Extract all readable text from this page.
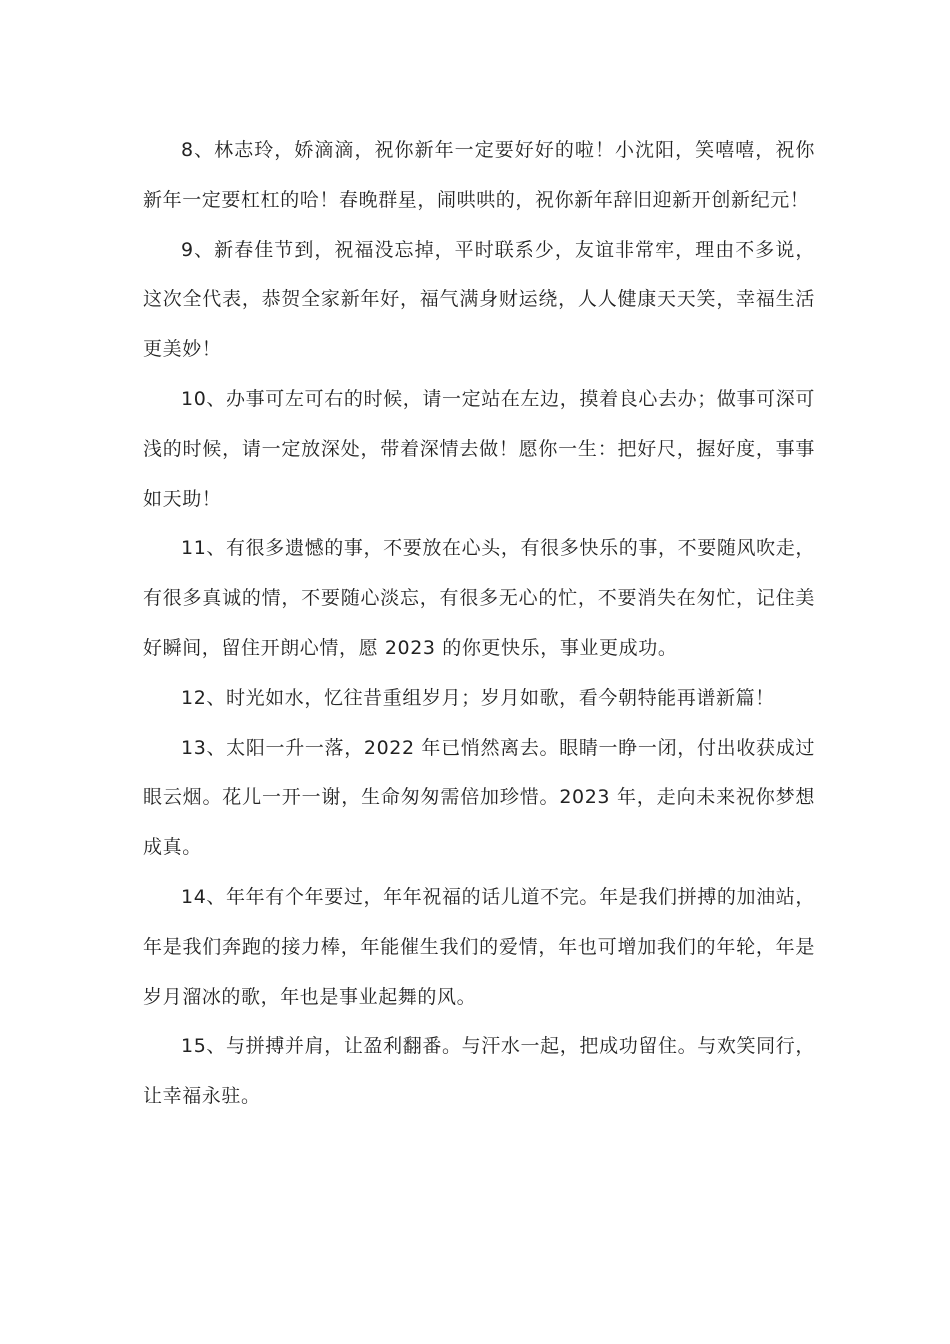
8、林志玲，娇滴滴，祝你新年一定要好好的啦！小沈阳，笑嘻嘻，祝你新年一定要杠杠的哈！春晚群星，闹哄哄的，祝你新年辞旧迎新开创新纪元！

9、新春佳节到，祝福没忘掉，平时联系少，友谊非常牢，理由不多说，这次全代表，恭贺全家新年好，福气满身财运绕，人人健康天天笑，幸福生活更美妙！

10、办事可左可右的时候，请一定站在左边，摸着良心去办；做事可深可浅的时候，请一定放深处，带着深情去做！愿你一生：把好尺，握好度，事事如天助！

11、有很多遗憾的事，不要放在心头，有很多快乐的事，不要随风吹走，有很多真诚的情，不要随心淡忘，有很多无心的忙，不要消失在匆忙，记住美好瞬间，留住开朗心情，愿 2023 的你更快乐，事业更成功。

12、时光如水，忆往昔重组岁月；岁月如歌，看今朝特能再谱新篇！

13、太阳一升一落，2022 年已悄然离去。眼睛一睁一闭，付出收获成过眼云烟。花儿一开一谢，生命匆匆需倍加珍惜。2023 年，走向未来祝你梦想成真。

14、年年有个年要过，年年祝福的话儿道不完。年是我们拼搏的加油站，年是我们奔跑的接力棒，年能催生我们的爱情，年也可增加我们的年轮，年是岁月溜冰的歌，年也是事业起舞的风。

15、与拼搏并肩，让盈利翻番。与汗水一起，把成功留住。与欢笑同行，让幸福永驻。
